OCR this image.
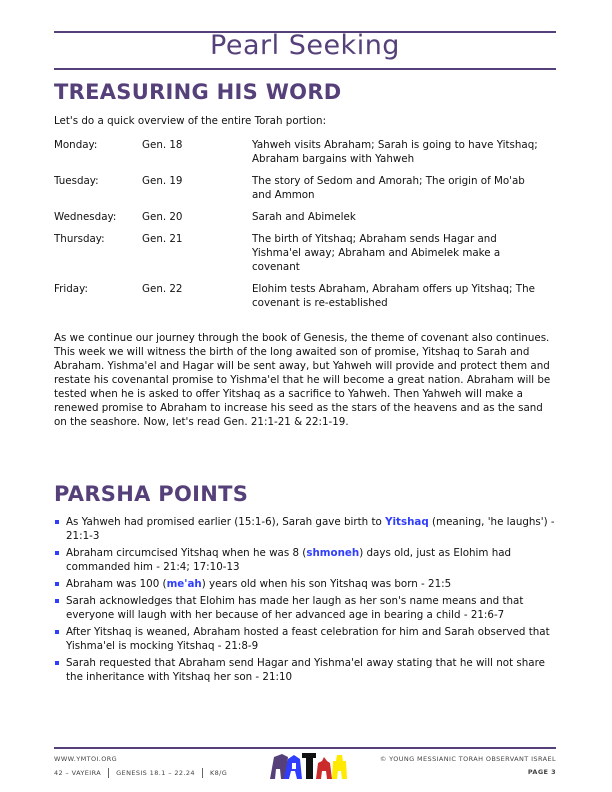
Pearl Seeking
TREASURING HIS WORD
Let's do a quick overview of the entire Torah portion:
Monday:	Gen. 18	Yahweh visits Abraham; Sarah is going to have Yitshaq; Abraham bargains with Yahweh
Tuesday:	Gen. 19	The story of Sedom and Amorah; The origin of Mo'ab and Ammon
Wednesday:	Gen. 20	Sarah and Abimelek
Thursday:	Gen. 21	The birth of Yitshaq; Abraham sends Hagar and Yishma'el away; Abraham and Abimelek make a covenant
Friday:	Gen. 22	Elohim tests Abraham, Abraham offers up Yitshaq; The covenant is re-established
As we continue our journey through the book of Genesis, the theme of covenant also continues. This week we will witness the birth of the long awaited son of promise, Yitshaq to Sarah and Abraham. Yishma'el and Hagar will be sent away, but Yahweh will provide and protect them and restate his covenantal promise to Yishma'el that he will become a great nation. Abraham will be tested when he is asked to offer Yitshaq as a sacrifice to Yahweh. Then Yahweh will make a renewed promise to Abraham to increase his seed as the stars of the heavens and as the sand on the seashore. Now, let's read Gen. 21:1-21 & 22:1-19.
PARSHA POINTS
As Yahweh had promised earlier (15:1-6), Sarah gave birth to Yitshaq (meaning, 'he laughs') - 21:1-3
Abraham circumcised Yitshaq when he was 8 (shmoneh) days old, just as Elohim had commanded him - 21:4; 17:10-13
Abraham was 100 (me'ah) years old when his son Yitshaq was born - 21:5
Sarah acknowledges that Elohim has made her laugh as her son's name means and that everyone will laugh with her because of her advanced age in bearing a child - 21:6-7
After Yitshaq is weaned, Abraham hosted a feast celebration for him and Sarah observed that Yishma'el is mocking Yitshaq - 21:8-9
Sarah requested that Abraham send Hagar and Yishma'el away stating that he will not share the inheritance with Yitshaq her son - 21:10
WWW.YMTOI.ORG
42 – VAYEIRA GENESIS 18.1 – 22.24 K8/G
© YOUNG MESSIANIC TORAH OBSERVANT ISRAEL
PAGE 3
